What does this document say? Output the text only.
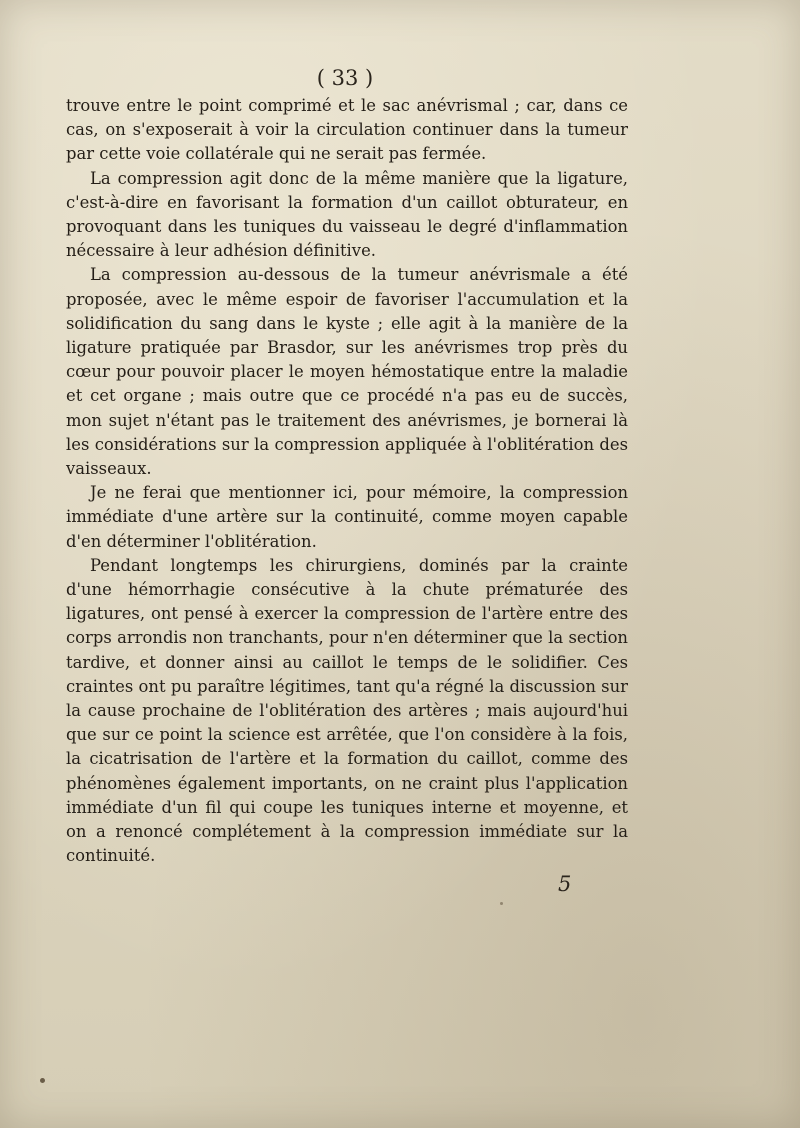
( 33 )

trouve entre le point comprimé et le sac anévrismal ; car, dans ce cas, on s'exposerait à voir la circulation continuer dans la tumeur par cette voie collatérale qui ne serait pas fermée.

La compression agit donc de la même manière que la ligature, c'est-à-dire en favorisant la formation d'un caillot obturateur, en provoquant dans les tuniques du vaisseau le degré d'inflammation nécessaire à leur adhésion définitive.

La compression au-dessous de la tumeur anévrismale a été proposée, avec le même espoir de favoriser l'accumulation et la solidification du sang dans le kyste ; elle agit à la manière de la ligature pratiquée par Brasdor, sur les anévrismes trop près du cœur pour pouvoir placer le moyen hémostatique entre la maladie et cet organe ; mais outre que ce procédé n'a pas eu de succès, mon sujet n'étant pas le traitement des anévrismes, je bornerai là les considérations sur la compression appliquée à l'oblitération des vaisseaux.

Je ne ferai que mentionner ici, pour mémoire, la compression immédiate d'une artère sur la continuité, comme moyen capable d'en déterminer l'oblitération.

Pendant longtemps les chirurgiens, dominés par la crainte d'une hémorrhagie consécutive à la chute prématurée des ligatures, ont pensé à exercer la compression de l'artère entre des corps arrondis non tranchants, pour n'en déterminer que la section tardive, et donner ainsi au caillot le temps de le solidifier. Ces craintes ont pu paraître légitimes, tant qu'a régné la discussion sur la cause prochaine de l'oblitération des artères ; mais aujourd'hui que sur ce point la science est arrêtée, que l'on considère à la fois, la cicatrisation de l'artère et la formation du caillot, comme des phénomènes également importants, on ne craint plus l'application immédiate d'un fil qui coupe les tuniques interne et moyenne, et on a renoncé complétement à la compression immédiate sur la continuité.

5
